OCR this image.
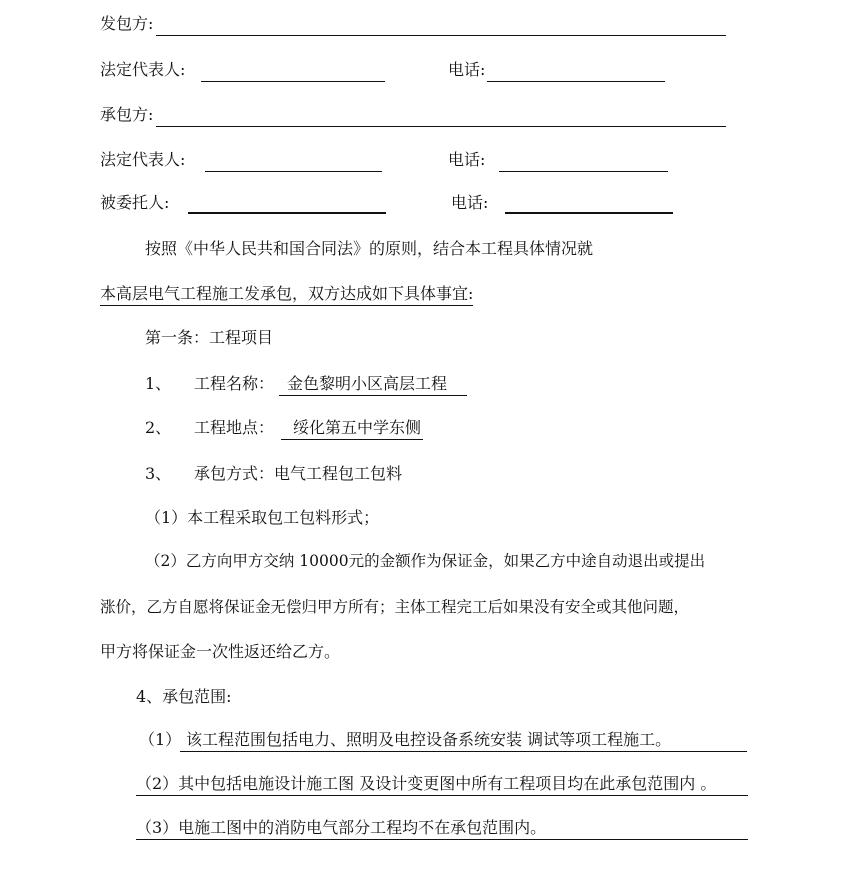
发包方:
法定代表人:	电话:
承包方:
法定代表人:	电话:
被委托人:	电话:
按照《中华人民共和国合同法》的原则，结合本工程具体情况就
本高层电气工程施工发承包，双方达成如下具体事宜:
第一条：工程项目
1、 工程名称： 金色黎明小区高层工程
2、 工程地点：	绥化第五中学东侧
3、 承包方式：电气工程包工包料
（1）本工程采取包工包料形式；
（2）乙方向甲方交纳 10000元的金额作为保证金，如果乙方中途自动退出或提出
涨价，乙方自愿将保证金无偿归甲方所有；主体工程完工后如果没有安全或其他问题，
甲方将保证金一次性返还给乙方。
4、承包范围:
（1） 该工程范围包括电力、照明及电控设备系统安装 调试等项工程施工。
（2）其中包括电施设计施工图 及设计变更图中所有工程项目均在此承包范围内 。
（3）电施工图中的消防电气部分工程均不在承包范围内。
